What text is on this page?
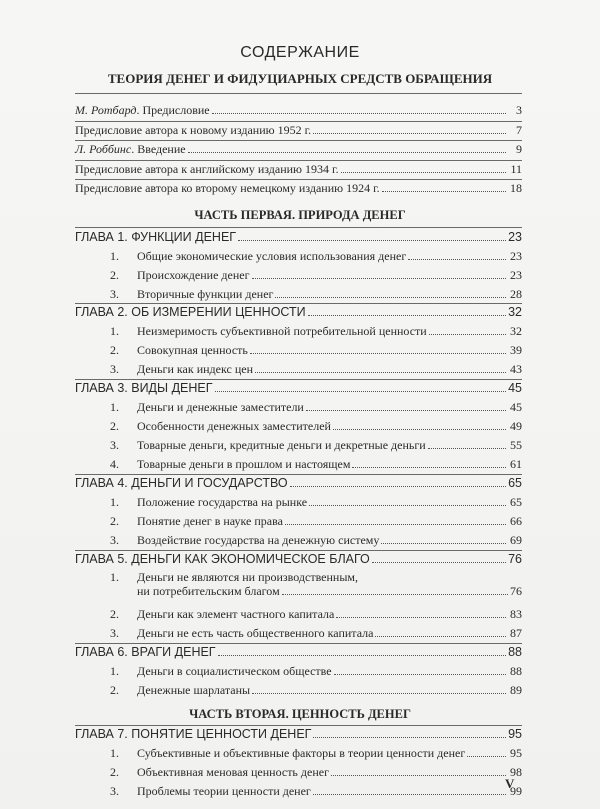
СОДЕРЖАНИЕ
ТЕОРИЯ ДЕНЕГ И ФИДУЦИАРНЫХ СРЕДСТВ ОБРАЩЕНИЯ
М. Ротбард. Предисловие	3
Предисловие автора к новому изданию 1952 г.	7
Л. Роббинс. Введение	9
Предисловие автора к английскому изданию 1934 г.	11
Предисловие автора ко второму немецкому изданию 1924 г.	18
ЧАСТЬ ПЕРВАЯ. ПРИРОДА ДЕНЕГ
ГЛАВА 1. ФУНКЦИИ ДЕНЕГ	23
1.	Общие экономические условия использования денег	23
2.	Происхождение денег	23
3.	Вторичные функции денег	28
ГЛАВА 2. ОБ ИЗМЕРЕНИИ ЦЕННОСТИ	32
1.	Неизмеримость субъективной потребительной ценности	32
2.	Совокупная ценность	39
3.	Деньги как индекс цен	43
ГЛАВА 3. ВИДЫ ДЕНЕГ	45
1.	Деньги и денежные заместители	45
2.	Особенности денежных заместителей	49
3.	Товарные деньги, кредитные деньги и декретные деньги	55
4.	Товарные деньги в прошлом и настоящем	61
ГЛАВА 4. ДЕНЬГИ И ГОСУДАРСТВО	65
1.	Положение государства на рынке	65
2.	Понятие денег в науке права	66
3.	Воздействие государства на денежную систему	69
ГЛАВА 5. ДЕНЬГИ КАК ЭКОНОМИЧЕСКОЕ БЛАГО	76
1.	Деньги не являются ни производственным,
ни потребительским благом	76
2.	Деньги как элемент частного капитала	83
3.	Деньги не есть часть общественного капитала	87
ГЛАВА 6. ВРАГИ ДЕНЕГ	88
1.	Деньги в социалистическом обществе	88
2.	Денежные шарлатаны	89
ЧАСТЬ ВТОРАЯ. ЦЕННОСТЬ ДЕНЕГ
ГЛАВА 7. ПОНЯТИЕ ЦЕННОСТИ ДЕНЕГ	95
1.	Субъективные и объективные факторы в теории ценности денег	95
2.	Объективная меновая ценность денег	98
3.	Проблемы теории ценности денег	99
V
